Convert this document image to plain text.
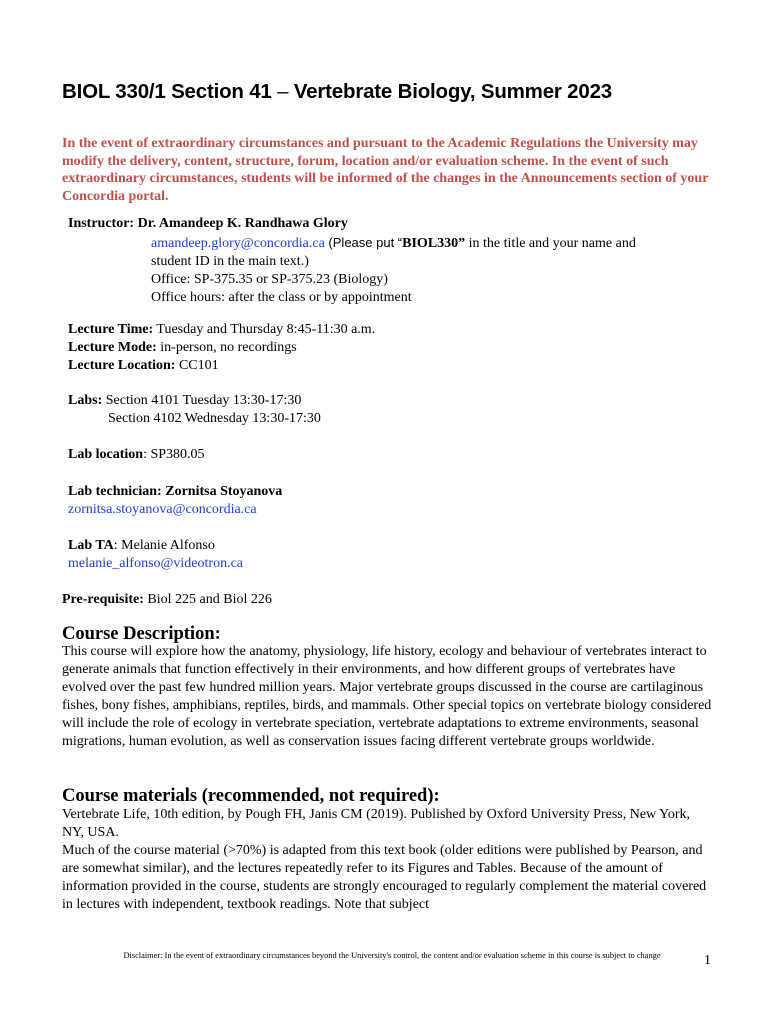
BIOL 330/1 Section 41 – Vertebrate Biology, Summer 2023
In the event of extraordinary circumstances and pursuant to the Academic Regulations the University may modify the delivery, content, structure, forum, location and/or evaluation scheme. In the event of such extraordinary circumstances, students will be informed of the changes in the Announcements section of your Concordia portal.
Instructor: Dr. Amandeep K. Randhawa Glory
amandeep.glory@concordia.ca (Please put “BIOL330” in the title and your name and
student ID in the main text.)
Office: SP-375.35 or SP-375.23 (Biology)
Office hours: after the class or by appointment
Lecture Time: Tuesday and Thursday 8:45-11:30 a.m.
Lecture Mode: in-person, no recordings
Lecture Location: CC101
Labs: Section 4101 Tuesday 13:30-17:30
Section 4102 Wednesday 13:30-17:30
Lab location: SP380.05
Lab technician: Zornitsa Stoyanova
zornitsa.stoyanova@concordia.ca
Lab TA: Melanie Alfonso
melanie_alfonso@videotron.ca
Pre-requisite: Biol 225 and Biol 226
Course Description:
This course will explore how the anatomy, physiology, life history, ecology and behaviour of vertebrates interact to generate animals that function effectively in their environments, and how different groups of vertebrates have evolved over the past few hundred million years. Major vertebrate groups discussed in the course are cartilaginous fishes, bony fishes, amphibians, reptiles, birds, and mammals. Other special topics on vertebrate biology considered will include the role of ecology in vertebrate speciation, vertebrate adaptations to extreme environments, seasonal migrations, human evolution, as well as conservation issues facing different vertebrate groups worldwide.
Course materials (recommended, not required):
Vertebrate Life, 10th edition, by Pough FH, Janis CM (2019). Published by Oxford University Press, New York, NY, USA.
Much of the course material (>70%) is adapted from this text book (older editions were published by Pearson, and are somewhat similar), and the lectures repeatedly refer to its Figures and Tables. Because of the amount of information provided in the course, students are strongly encouraged to regularly complement the material covered in lectures with independent, textbook readings. Note that subject
Disclaimer: In the event of extraordinary circumstances beyond the University's control, the content and/or evaluation scheme in this course is subject to change	1
